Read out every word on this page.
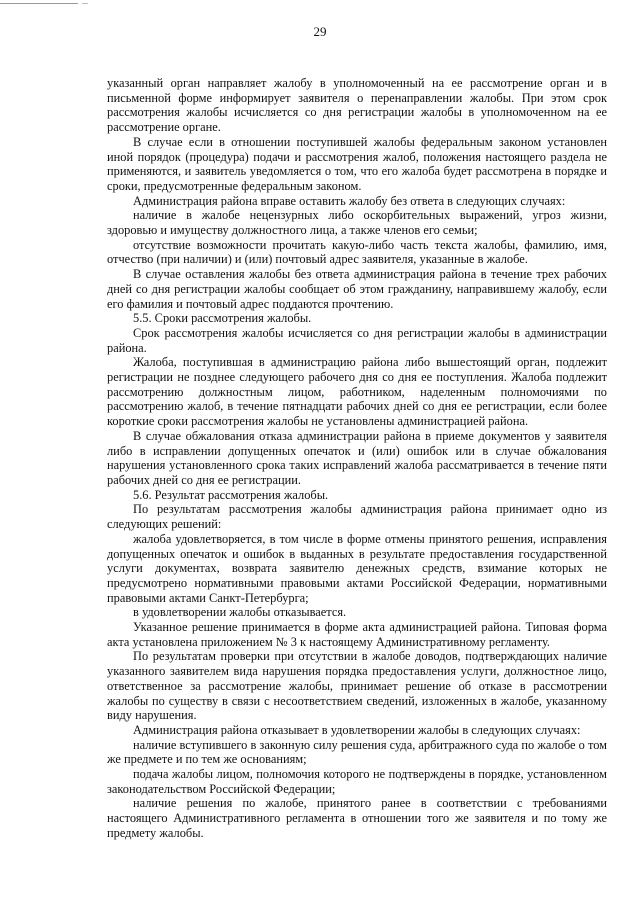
29

указанный орган направляет жалобу в уполномоченный на ее рассмотрение орган и в письменной форме информирует заявителя о перенаправлении жалобы. При этом срок рассмотрения жалобы исчисляется со дня регистрации жалобы в уполномоченном на ее рассмотрение органе.

В случае если в отношении поступившей жалобы федеральным законом установлен иной порядок (процедура) подачи и рассмотрения жалоб, положения настоящего раздела не применяются, и заявитель уведомляется о том, что его жалоба будет рассмотрена в порядке и сроки, предусмотренные федеральным законом.

Администрация района вправе оставить жалобу без ответа в следующих случаях:

наличие в жалобе нецензурных либо оскорбительных выражений, угроз жизни, здоровью и имуществу должностного лица, а также членов его семьи;

отсутствие возможности прочитать какую-либо часть текста жалобы, фамилию, имя, отчество (при наличии) и (или) почтовый адрес заявителя, указанные в жалобе.

В случае оставления жалобы без ответа администрация района в течение трех рабочих дней со дня регистрации жалобы сообщает об этом гражданину, направившему жалобу, если его фамилия и почтовый адрес поддаются прочтению.

5.5. Сроки рассмотрения жалобы.

Срок рассмотрения жалобы исчисляется со дня регистрации жалобы в администрации района.

Жалоба, поступившая в администрацию района либо вышестоящий орган, подлежит регистрации не позднее следующего рабочего дня со дня ее поступления. Жалоба подлежит рассмотрению должностным лицом, работником, наделенным полномочиями по рассмотрению жалоб, в течение пятнадцати рабочих дней со дня ее регистрации, если более короткие сроки рассмотрения жалобы не установлены администрацией района.

В случае обжалования отказа администрации района в приеме документов у заявителя либо в исправлении допущенных опечаток и (или) ошибок или в случае обжалования нарушения установленного срока таких исправлений жалоба рассматривается в течение пяти рабочих дней со дня ее регистрации.

5.6. Результат рассмотрения жалобы.

По результатам рассмотрения жалобы администрация района принимает одно из следующих решений:

жалоба удовлетворяется, в том числе в форме отмены принятого решения, исправления допущенных опечаток и ошибок в выданных в результате предоставления государственной услуги документах, возврата заявителю денежных средств, взимание которых не предусмотрено нормативными правовыми актами Российской Федерации, нормативными правовыми актами Санкт-Петербурга;

в удовлетворении жалобы отказывается.

Указанное решение принимается в форме акта администрацией района. Типовая форма акта установлена приложением № 3 к настоящему Административному регламенту.

По результатам проверки при отсутствии в жалобе доводов, подтверждающих наличие указанного заявителем вида нарушения порядка предоставления услуги, должностное лицо, ответственное за рассмотрение жалобы, принимает решение об отказе в рассмотрении жалобы по существу в связи с несоответствием сведений, изложенных в жалобе, указанному виду нарушения.

Администрация района отказывает в удовлетворении жалобы в следующих случаях:

наличие вступившего в законную силу решения суда, арбитражного суда по жалобе о том же предмете и по тем же основаниям;

подача жалобы лицом, полномочия которого не подтверждены в порядке, установленном законодательством Российской Федерации;

наличие решения по жалобе, принятого ранее в соответствии с требованиями настоящего Административного регламента в отношении того же заявителя и по тому же предмету жалобы.
